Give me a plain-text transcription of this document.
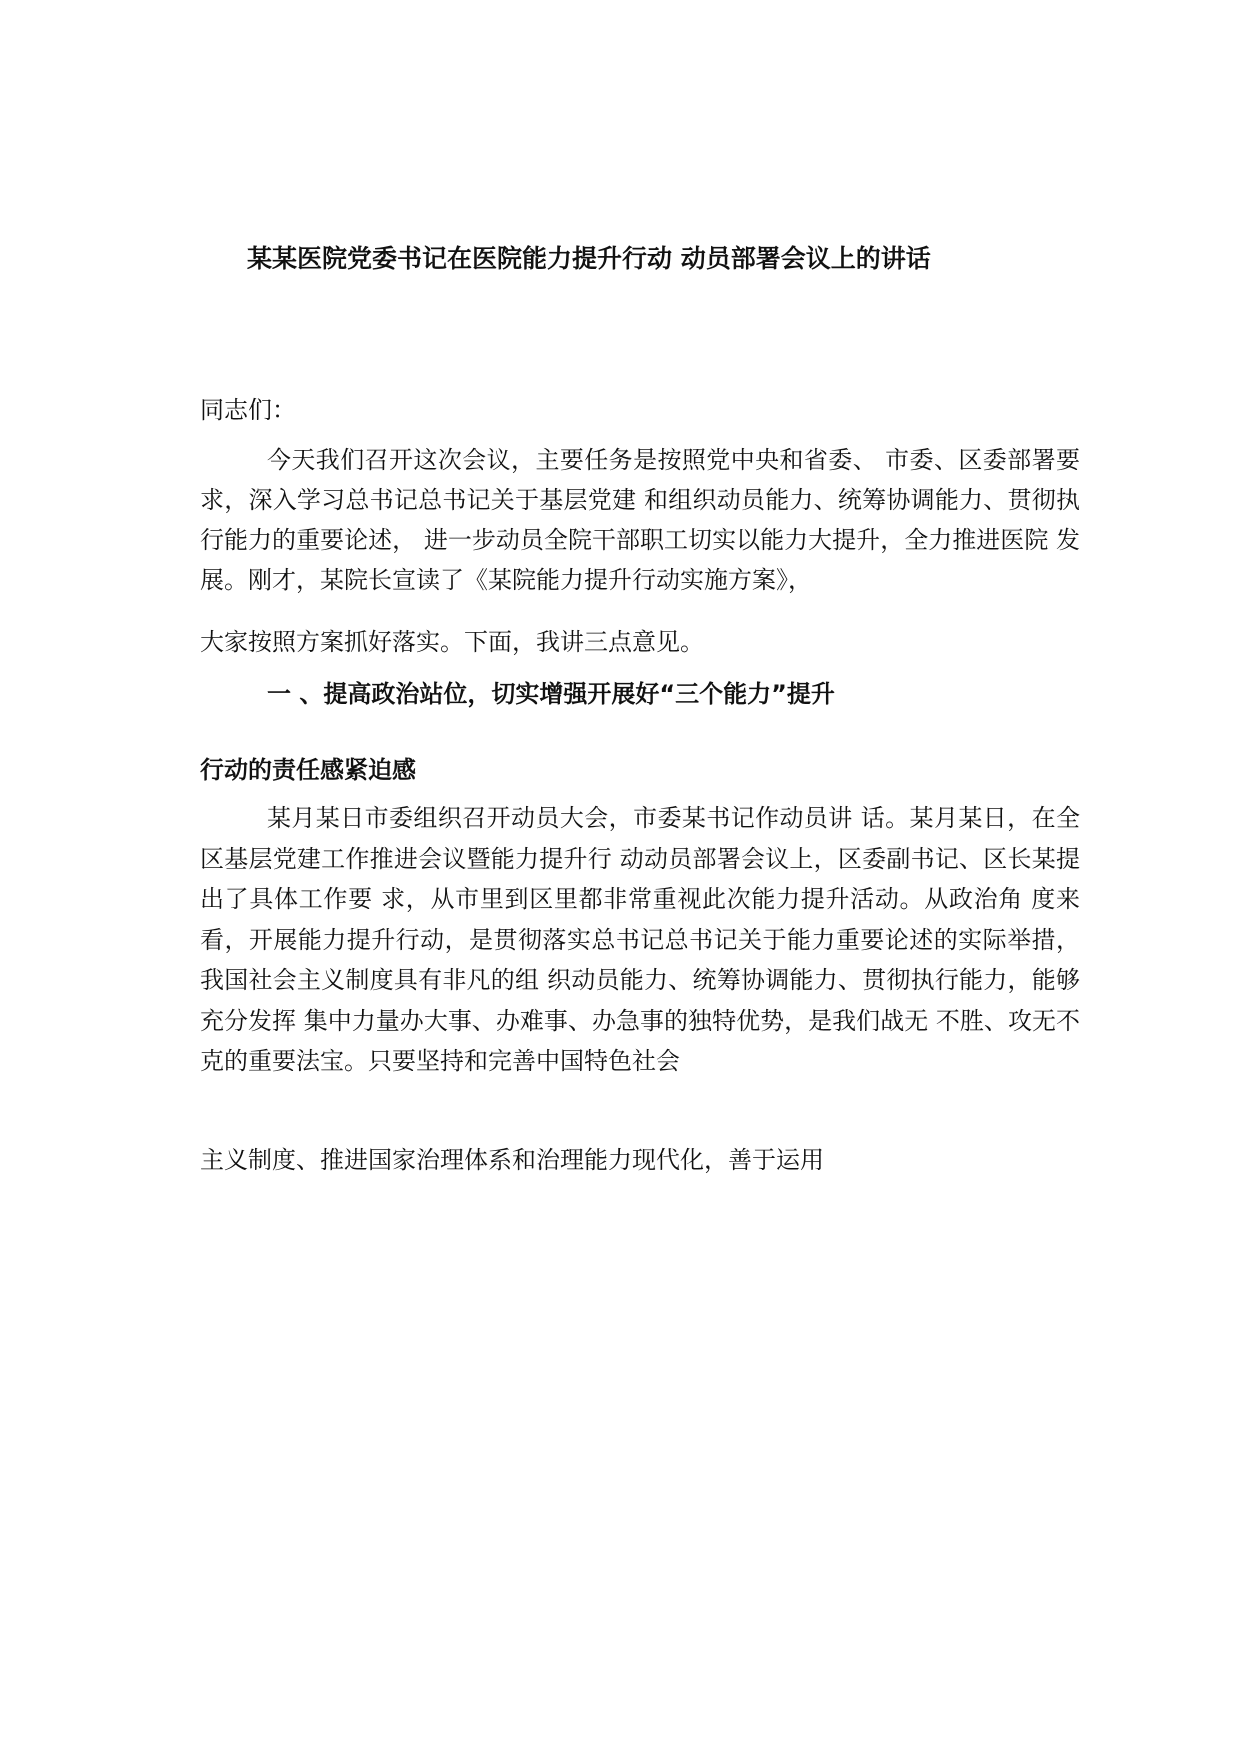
某某医院党委书记在医院能力提升行动 动员部署会议上的讲话
同志们：

今天我们召开这次会议，主要任务是按照党中央和省委、 市委、区委部署要求，深入学习总书记总书记关于基层党建 和组织动员能力、统筹协调能力、贯彻执行能力的重要论述， 进一步动员全院干部职工切实以能力大提升，全力推进医院 发展。刚才，某院长宣读了《某院能力提升行动实施方案》，

大家按照方案抓好落实。下面，我讲三点意见。

一 、提高政治站位，切实增强开展好“三个能力”提升
行动的责任感紧迫感

某月某日市委组织召开动员大会，市委某书记作动员讲 话。某月某日，在全区基层党建工作推进会议暨能力提升行 动动员部署会议上，区委副书记、区长某提出了具体工作要 求，从市里到区里都非常重视此次能力提升活动。从政治角 度来看，开展能力提升行动，是贯彻落实总书记总书记关于能力重要论述的实际举措，我国社会主义制度具有非凡的组 织动员能力、统筹协调能力、贯彻执行能力，能够充分发挥 集中力量办大事、办难事、办急事的独特优势，是我们战无 不胜、攻无不克的重要法宝。只要坚持和完善中国特色社会

主义制度、推进国家治理体系和治理能力现代化，善于运用
